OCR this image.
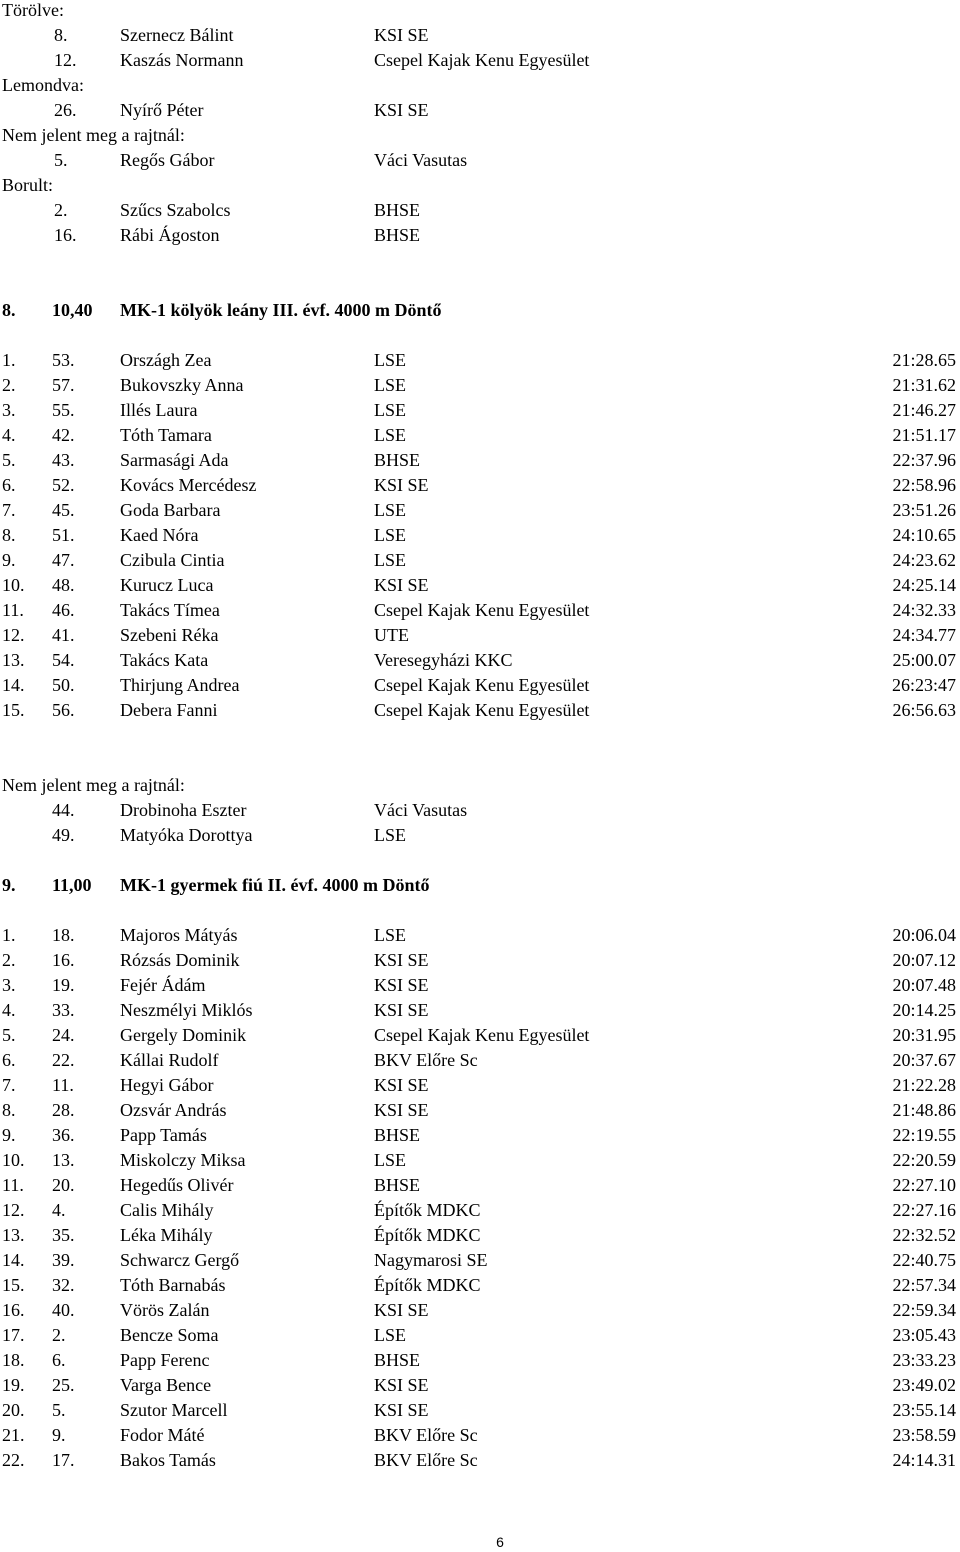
Törölve:
8.	Szernecz Bálint	KSI SE
12. Kaszás Normann	Csepel Kajak Kenu Egyesület
Lemondva:
26. Nyírő Péter	KSI SE
Nem jelent meg a rajtnál:
5.	Regős Gábor	Váci Vasutas
Borult:
2.	Szűcs Szabolcs	BHSE
16. Rábi Ágoston	BHSE
8. 10,40 MK-1 kölyök leány III. évf. 4000 m Döntő
1. 53.	Országh Zea	LSE	21:28.65
2. 57.	Bukovszky Anna	LSE	21:31.62
3. 55.	Illés Laura	LSE	21:46.27
4. 42.	Tóth Tamara	LSE	21:51.17
5. 43.	Sarmasági Ada	BHSE	22:37.96
6. 52.	Kovács Mercédesz	KSI SE	22:58.96
7. 45.	Goda Barbara	LSE	23:51.26
8. 51.	Kaed Nóra	LSE	24:10.65
9. 47.	Czibula Cintia	LSE	24:23.62
10. 48.	Kurucz Luca	KSI SE	24:25.14
11. 46.	Takács Tímea	Csepel Kajak Kenu Egyesület	24:32.33
12. 41.	Szebeni Réka	UTE	24:34.77
13. 54.	Takács Kata	Veresegyházi KKC	25:00.07
14. 50.	Thirjung Andrea	Csepel Kajak Kenu Egyesület	26:23:47
15. 56.	Debera Fanni	Csepel Kajak Kenu Egyesület	26:56.63
Nem jelent meg a rajtnál:
44.	Drobinoha Eszter	Váci Vasutas
49.	Matyóka Dorottya	LSE
9. 11,00 MK-1 gyermek fiú II. évf. 4000 m Döntő
1. 18.	Majoros Mátyás	LSE	20:06.04
2. 16.	Rózsás Dominik	KSI SE	20:07.12
3. 19.	Fejér Ádám	KSI SE	20:07.48
4. 33.	Neszmélyi Miklós	KSI SE	20:14.25
5. 24.	Gergely Dominik	Csepel Kajak Kenu Egyesület	20:31.95
6. 22.	Kállai Rudolf	BKV Előre Sc	20:37.67
7. 11.	Hegyi Gábor	KSI SE	21:22.28
8. 28.	Ozsvár András	KSI SE	21:48.86
9. 36.	Papp Tamás	BHSE	22:19.55
10. 13.	Miskolczy Miksa	LSE	22:20.59
11. 20.	Hegedűs Olivér	BHSE	22:27.10
12. 4.	Calis Mihály	Építők MDKC	22:27.16
13. 35.	Léka Mihály	Építők MDKC	22:32.52
14. 39.	Schwarcz Gergő	Nagymarosi SE	22:40.75
15. 32.	Tóth Barnabás	Építők MDKC	22:57.34
16. 40.	Vörös Zalán	KSI SE	22:59.34
17. 2.	Bencze Soma	LSE	23:05.43
18. 6.	Papp Ferenc	BHSE	23:33.23
19. 25.	Varga Bence	KSI SE	23:49.02
20. 5.	Szutor Marcell	KSI SE	23:55.14
21. 9.	Fodor Máté	BKV Előre Sc	23:58.59
22. 17.	Bakos Tamás	BKV Előre Sc	24:14.31
6
